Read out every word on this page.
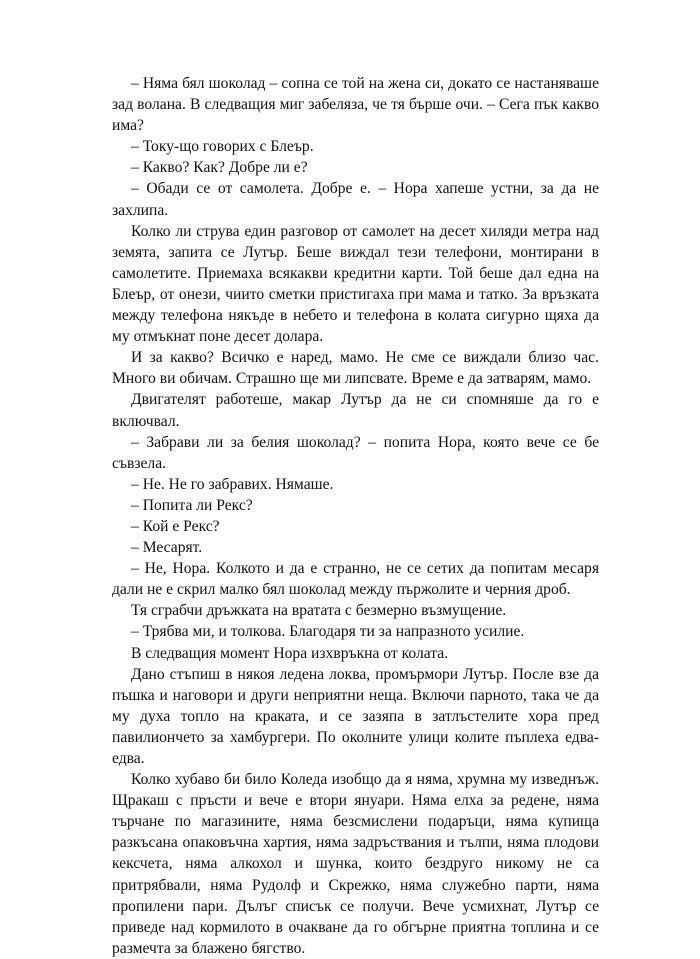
– Няма бял шоколад – сопна се той на жена си, докато се настаняваше зад волана. В следващия миг забеляза, че тя бърше очи. – Сега пък какво има?

– Току-що говорих с Блеър.

– Какво? Как? Добре ли е?

– Обади се от самолета. Добре е. – Нора хапеше устни, за да не захлипа.

Колко ли струва един разговор от самолет на десет хиляди метра над земята, запита се Лутър. Беше виждал тези телефони, монтирани в самолетите. Приемаха всякакви кредитни карти. Той беше дал една на Блеър, от онези, чиито сметки пристигаха при мама и татко. За връзката между телефона някъде в небето и телефона в колата сигурно щяха да му отмъкнат поне десет долара.

И за какво? Всичко е наред, мамо. Не сме се виждали близо час. Много ви обичам. Страшно ще ми липсвате. Време е да затварям, мамо.

Двигателят работеше, макар Лутър да не си спомняше да го е включвал.

– Забрави ли за белия шоколад? – попита Нора, която вече се бе съвзела.

– Не. Не го забравих. Нямаше.

– Попита ли Рекс?

– Кой е Рекс?

– Месарят.

– Не, Нора. Колкото и да е странно, не се сетих да попитам месаря дали не е скрил малко бял шоколад между пържолите и черния дроб.

Тя сграбчи дръжката на вратата с безмерно възмущение.

– Трябва ми, и толкова. Благодаря ти за напразното усилие.

В следващия момент Нора изхвръкна от колата.

Дано стъпиш в някоя ледена локва, промърмори Лутър. После взе да пъшка и наговори и други неприятни неща. Включи парното, така че да му духа топло на краката, и се зазяпа в затлъстелите хора пред павилиончето за хамбургери. По околните улици колите пъплеха едва-едва.

Колко хубаво би било Коледа изобщо да я няма, хрумна му изведнъж. Щракаш с пръсти и вече е втори януари. Няма елха за редене, няма търчане по магазините, няма безсмислени подаръци, няма купища разкъсана опаковъчна хартия, няма задръствания и тълпи, няма плодови кексчета, няма алкохол и шунка, които бездруго никому не са притрябвали, няма Рудолф и Скрежко, няма служебно парти, няма пропилени пари. Дълъг списък се получи. Вече усмихнат, Лутър се приведе над кормилото в очакване да го обгърне приятна топлина и се размечта за блажено бягство.
